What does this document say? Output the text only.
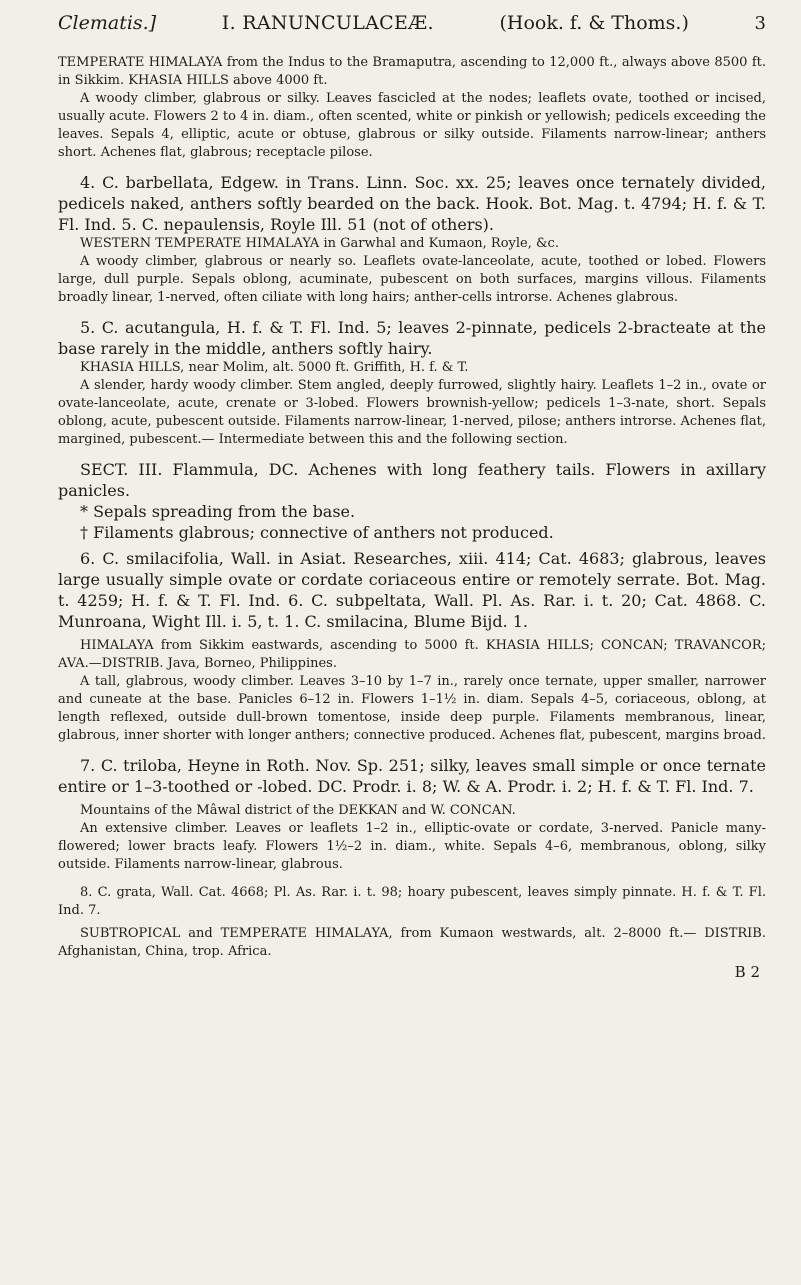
Clematis.]	I. RANUNCULACEÆ.	(Hook. f. & Thoms.)	3

TEMPERATE HIMALAYA from the Indus to the Bramaputra, ascending to 12,000 ft., always above 8500 ft. in Sikkim. KHASIA HILLS above 4000 ft.

A woody climber, glabrous or silky. Leaves fascicled at the nodes; leaflets ovate, toothed or incised, usually acute. Flowers 2 to 4 in. diam., often scented, white or pinkish or yellowish; pedicels exceeding the leaves. Sepals 4, elliptic, acute or obtuse, glabrous or silky outside. Filaments narrow-linear; anthers short. Achenes flat, glabrous; receptacle pilose.

4. C. barbellata, Edgew. in Trans. Linn. Soc. xx. 25; leaves once ternately divided, pedicels naked, anthers softly bearded on the back. Hook. Bot. Mag. t. 4794; H. f. & T. Fl. Ind. 5. C. nepaulensis, Royle Ill. 51 (not of others).

WESTERN TEMPERATE HIMALAYA in Garwhal and Kumaon, Royle, &c.

A woody climber, glabrous or nearly so. Leaflets ovate-lanceolate, acute, toothed or lobed. Flowers large, dull purple. Sepals oblong, acuminate, pubescent on both surfaces, margins villous. Filaments broadly linear, 1-nerved, often ciliate with long hairs; anther-cells introrse. Achenes glabrous.

5. C. acutangula, H. f. & T. Fl. Ind. 5; leaves 2-pinnate, pedicels 2-bracteate at the base rarely in the middle, anthers softly hairy.

KHASIA HILLS, near Molim, alt. 5000 ft. Griffith, H. f. & T.

A slender, hardy woody climber. Stem angled, deeply furrowed, slightly hairy. Leaflets 1–2 in., ovate or ovate-lanceolate, acute, crenate or 3-lobed. Flowers brownish-yellow; pedicels 1–3-nate, short. Sepals oblong, acute, pubescent outside. Filaments narrow-linear, 1-nerved, pilose; anthers introrse. Achenes flat, margined, pubescent.— Intermediate between this and the following section.

SECT. III. Flammula, DC. Achenes with long feathery tails. Flowers in axillary panicles.

* Sepals spreading from the base.

† Filaments glabrous; connective of anthers not produced.

6. C. smilacifolia, Wall. in Asiat. Researches, xiii. 414; Cat. 4683; glabrous, leaves large usually simple ovate or cordate coriaceous entire or remotely serrate. Bot. Mag. t. 4259; H. f. & T. Fl. Ind. 6. C. subpeltata, Wall. Pl. As. Rar. i. t. 20; Cat. 4868. C. Munroana, Wight Ill. i. 5, t. 1. C. smilacina, Blume Bijd. 1.

HIMALAYA from Sikkim eastwards, ascending to 5000 ft. KHASIA HILLS; CONCAN; TRAVANCOR; AVA.—DISTRIB. Java, Borneo, Philippines.

A tall, glabrous, woody climber. Leaves 3–10 by 1–7 in., rarely once ternate, upper smaller, narrower and cuneate at the base. Panicles 6–12 in. Flowers 1–1½ in. diam. Sepals 4–5, coriaceous, oblong, at length reflexed, outside dull-brown tomentose, inside deep purple. Filaments membranous, linear, glabrous, inner shorter with longer anthers; connective produced. Achenes flat, pubescent, margins broad.

7. C. triloba, Heyne in Roth. Nov. Sp. 251; silky, leaves small simple or once ternate entire or 1–3-toothed or -lobed. DC. Prodr. i. 8; W. & A. Prodr. i. 2; H. f. & T. Fl. Ind. 7.

Mountains of the Mâwal district of the DEKKAN and W. CONCAN.

An extensive climber. Leaves or leaflets 1–2 in., elliptic-ovate or cordate, 3-nerved. Panicle many-flowered; lower bracts leafy. Flowers 1½–2 in. diam., white. Sepals 4–6, membranous, oblong, silky outside. Filaments narrow-linear, glabrous.

8. C. grata, Wall. Cat. 4668; Pl. As. Rar. i. t. 98; hoary pubescent, leaves simply pinnate. H. f. & T. Fl. Ind. 7.

SUBTROPICAL and TEMPERATE HIMALAYA, from Kumaon westwards, alt. 2–8000 ft.— DISTRIB. Afghanistan, China, trop. Africa.

B 2
